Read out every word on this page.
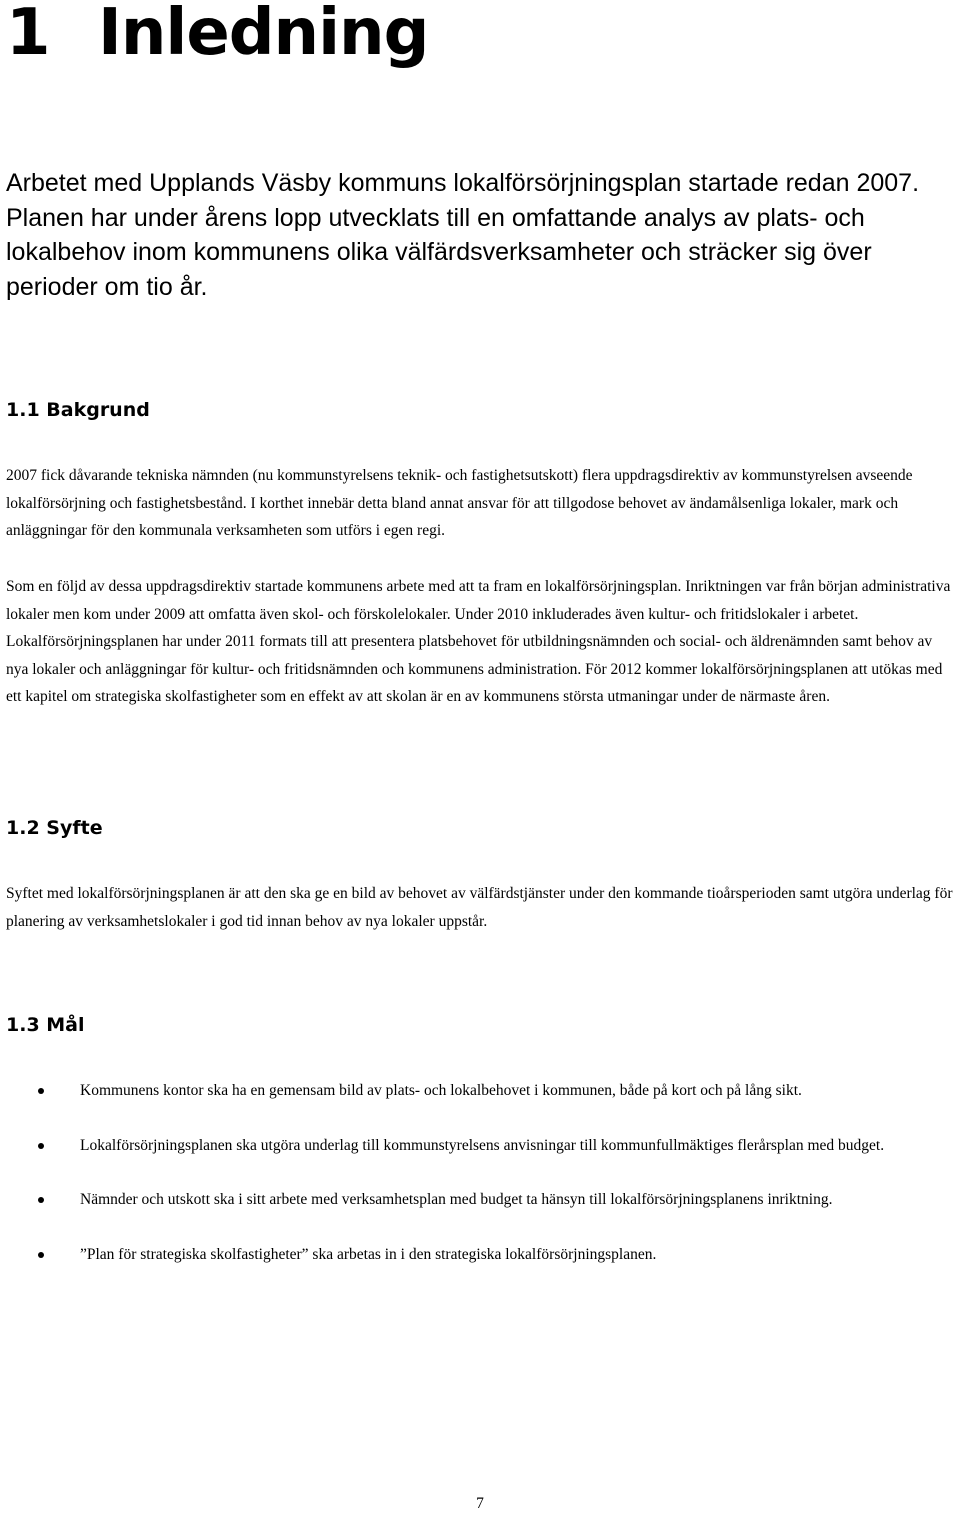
1 Inledning

Arbetet med Upplands Väsby kommuns lokalförsörjningsplan startade redan 2007. Planen har under årens lopp utvecklats till en omfattande analys av plats- och lokalbehov inom kommunens olika välfärdsverksamheter och sträcker sig över perioder om tio år.

1.1 Bakgrund

2007 fick dåvarande tekniska nämnden (nu kommunstyrelsens teknik- och fastighetsutskott) flera uppdragsdirektiv av kommunstyrelsen avseende lokalförsörjning och fastighetsbestånd. I korthet innebär detta bland annat ansvar för att tillgodose behovet av ändamålsenliga lokaler, mark och anläggningar för den kommunala verksamheten som utförs i egen regi.

Som en följd av dessa uppdragsdirektiv startade kommunens arbete med att ta fram en lokalförsörjningsplan. Inriktningen var från början administrativa lokaler men kom under 2009 att omfatta även skol- och förskolelokaler. Under 2010 inkluderades även kultur- och fritidslokaler i arbetet. Lokalförsörjningsplanen har under 2011 formats till att presentera platsbehovet för utbildningsnämnden och social- och äldrenämnden samt behov av nya lokaler och anläggningar för kultur- och fritidsnämnden och kommunens administration. För 2012 kommer lokalförsörjningsplanen att utökas med ett kapitel om strategiska skolfastigheter som en effekt av att skolan är en av kommunens största utmaningar under de närmaste åren.

1.2 Syfte

Syftet med lokalförsörjningsplanen är att den ska ge en bild av behovet av välfärdstjänster under den kommande tioårsperioden samt utgöra underlag för planering av verksamhetslokaler i god tid innan behov av nya lokaler uppstår.

1.3 Mål
Kommunens kontor ska ha en gemensam bild av plats- och lokalbehovet i kommunen, både på kort och på lång sikt.
Lokalförsörjningsplanen ska utgöra underlag till kommunstyrelsens anvisningar till kommunfullmäktiges flerårsplan med budget.
Nämnder och utskott ska i sitt arbete med verksamhetsplan med budget ta hänsyn till lokalförsörjningsplanens inriktning.
”Plan för strategiska skolfastigheter” ska arbetas in i den strategiska lokalförsörjningsplanen.

7
